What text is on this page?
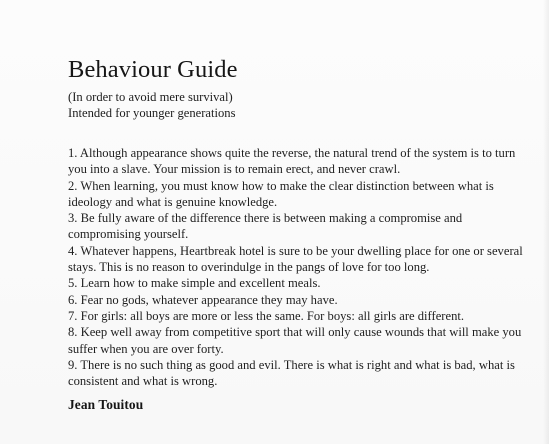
Behaviour Guide
(In order to avoid mere survival)
Intended for younger generations
1. Although appearance shows quite the reverse, the natural trend of the system is to turn you into a slave. Your mission is to remain erect, and never crawl.
2. When learning, you must know how to make the clear distinction between what is ideology and what is genuine knowledge.
3. Be fully aware of the difference there is between making a compromise and compromising yourself.
4. Whatever happens, Heartbreak hotel is sure to be your dwelling place for one or several stays. This is no reason to overindulge in the pangs of love for too long.
5. Learn how to make simple and excellent meals.
6. Fear no gods, whatever appearance they may have.
7. For girls: all boys are more or less the same. For boys: all girls are different.
8. Keep well away from competitive sport that will only cause wounds that will make you suffer when you are over forty.
9. There is no such thing as good and evil. There is what is right and what is bad, what is consistent and what is wrong.
Jean Touitou
